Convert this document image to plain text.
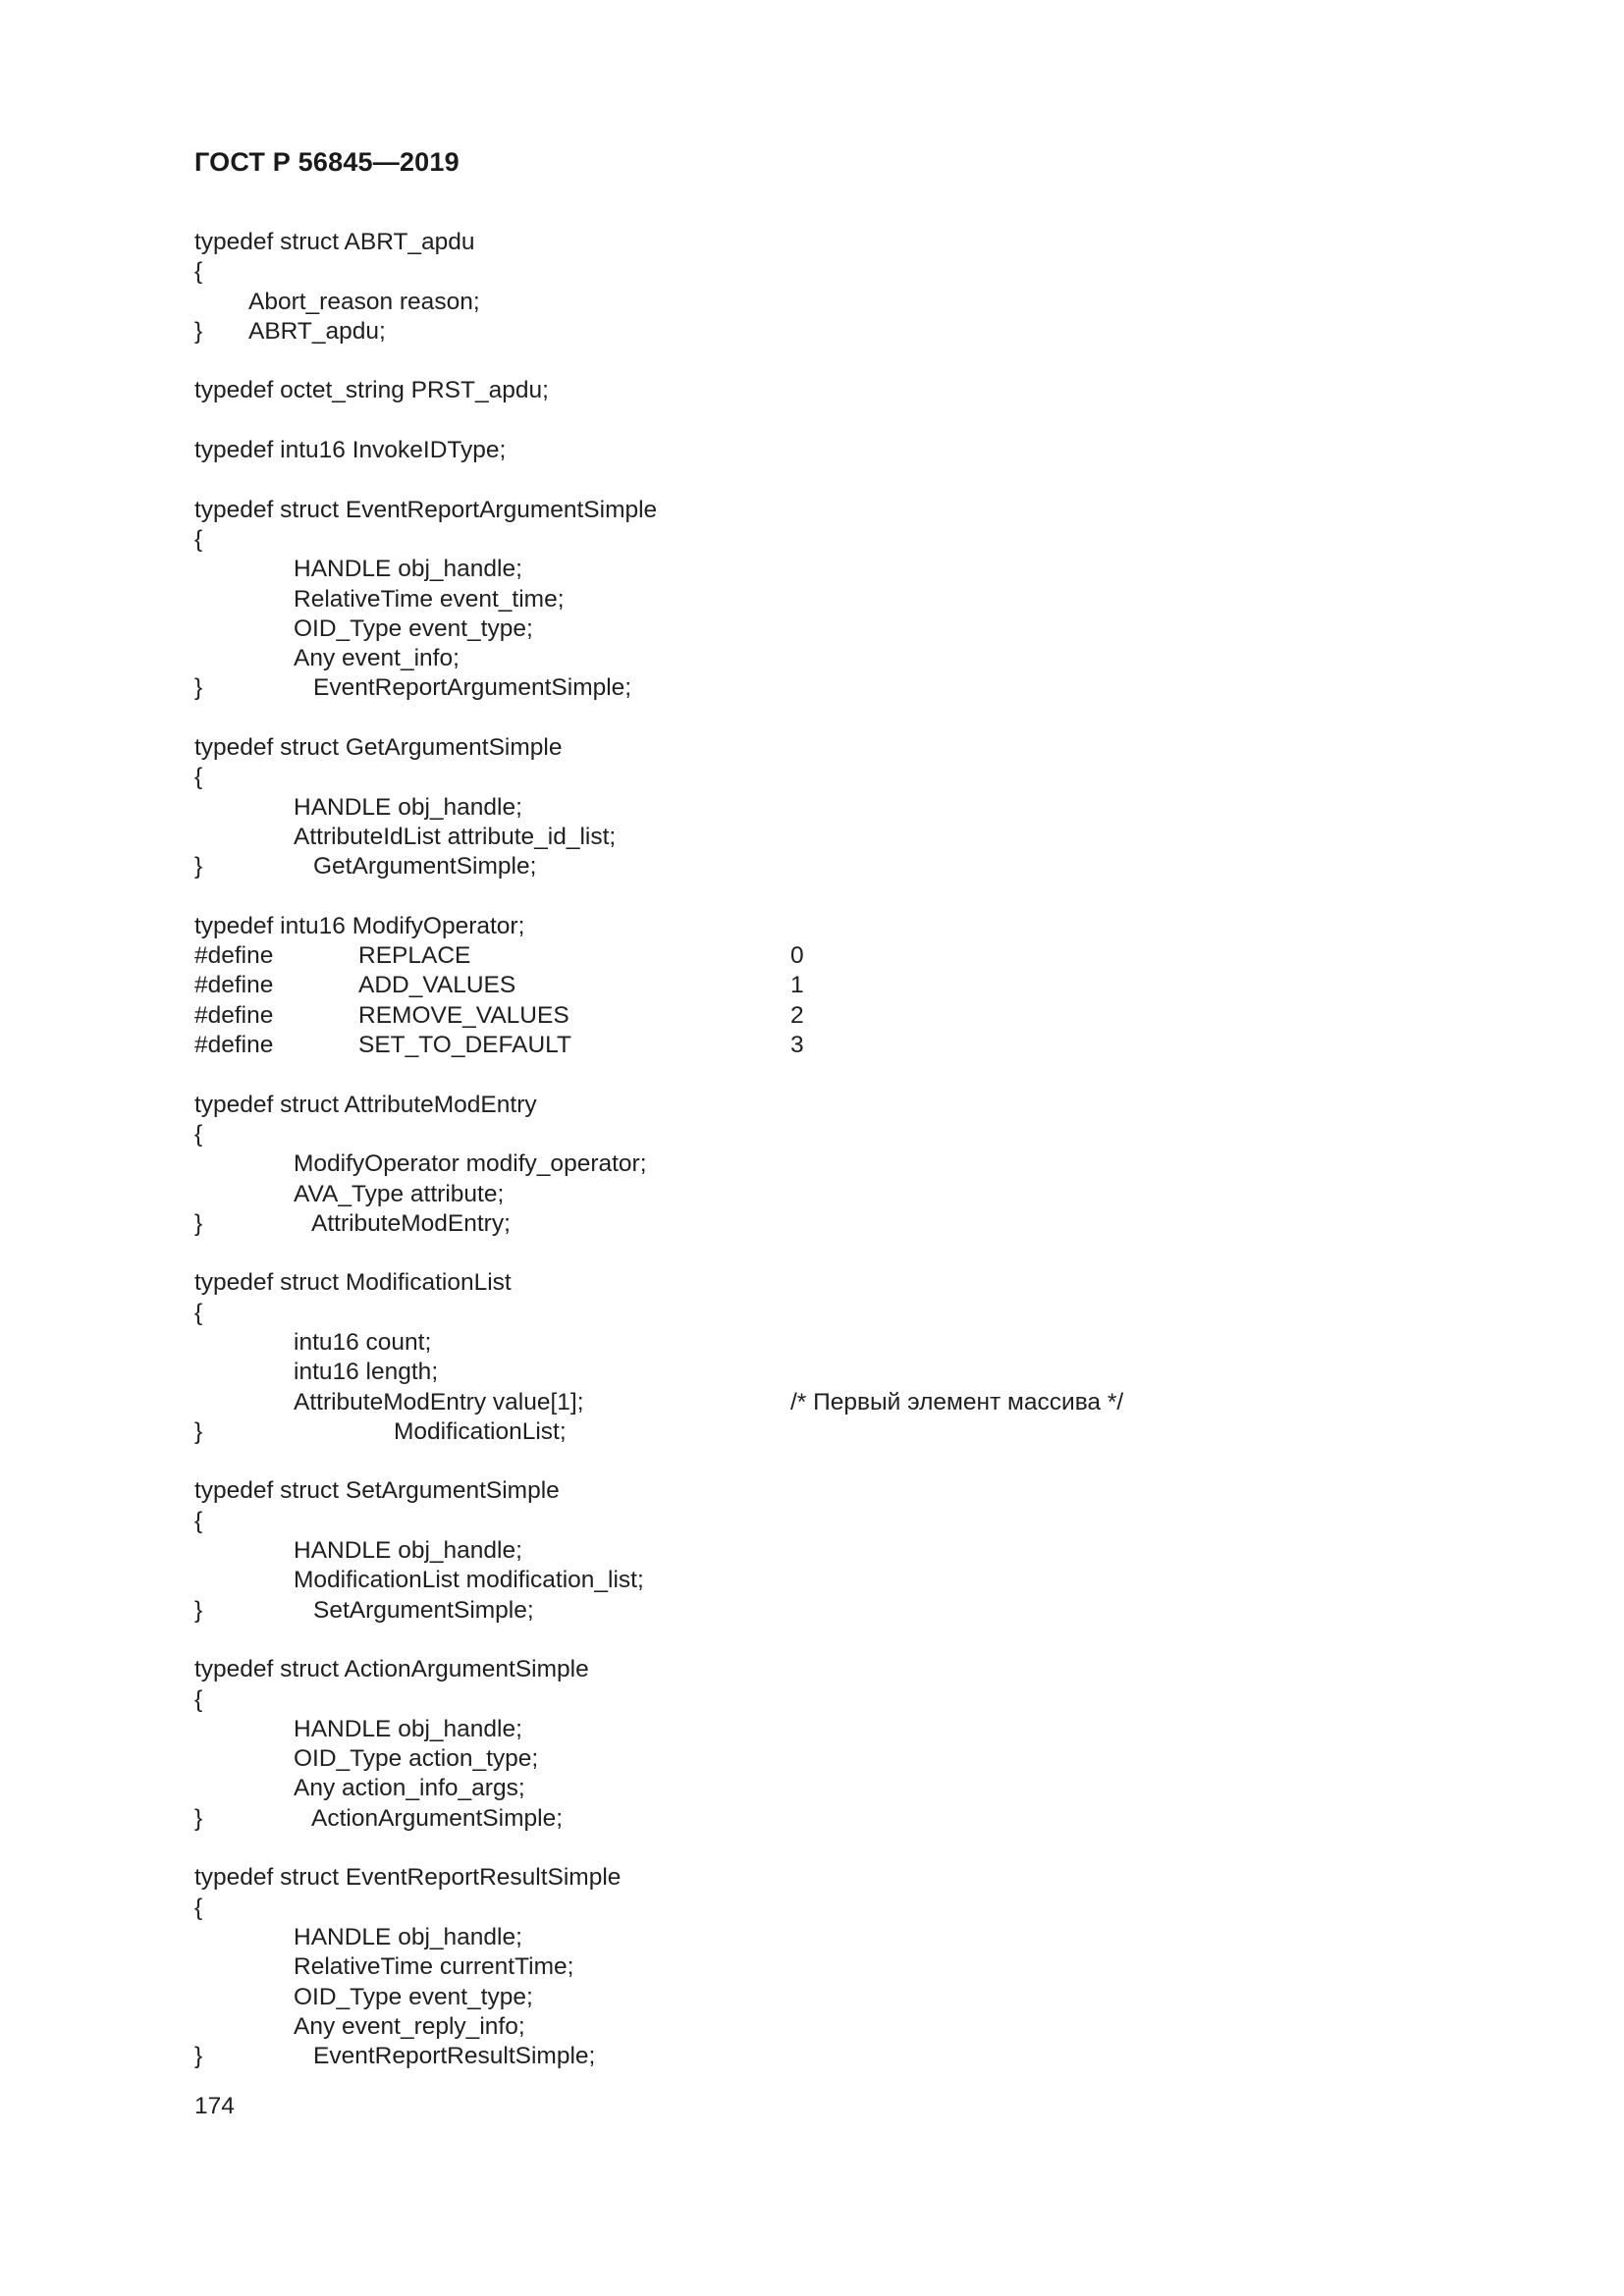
ГОСТ Р 56845—2019
typedef struct ABRT_apdu
{
Abort_reason reason;
} ABRT_apdu;
typedef octet_string PRST_apdu;
typedef intu16 InvokeIDType;
typedef struct EventReportArgumentSimple
{
HANDLE obj_handle;
RelativeTime event_time;
OID_Type event_type;
Any event_info;
}	EventReportArgumentSimple;
typedef struct GetArgumentSimple
{
HANDLE obj_handle;
AttributeIdList attribute_id_list;
}	GetArgumentSimple;
typedef intu16 ModifyOperator;
#define	REPLACE	0
#define	ADD_VALUES	1
#define	REMOVE_VALUES	2
#define	SET_TO_DEFAULT	3
typedef struct AttributeModEntry
{
ModifyOperator modify_operator;
AVA_Type attribute;
}	AttributeModEntry;
typedef struct ModificationList
{
intu16 count;
intu16 length;
AttributeModEntry value[1];	/* Первый элемент массива */
}	ModificationList;
typedef struct SetArgumentSimple
{
HANDLE obj_handle;
ModificationList modification_list;
}	SetArgumentSimple;
typedef struct ActionArgumentSimple
{
HANDLE obj_handle;
OID_Type action_type;
Any action_info_args;
}	ActionArgumentSimple;
typedef struct EventReportResultSimple
{
HANDLE obj_handle;
RelativeTime currentTime;
OID_Type event_type;
Any event_reply_info;
}	EventReportResultSimple;
174
